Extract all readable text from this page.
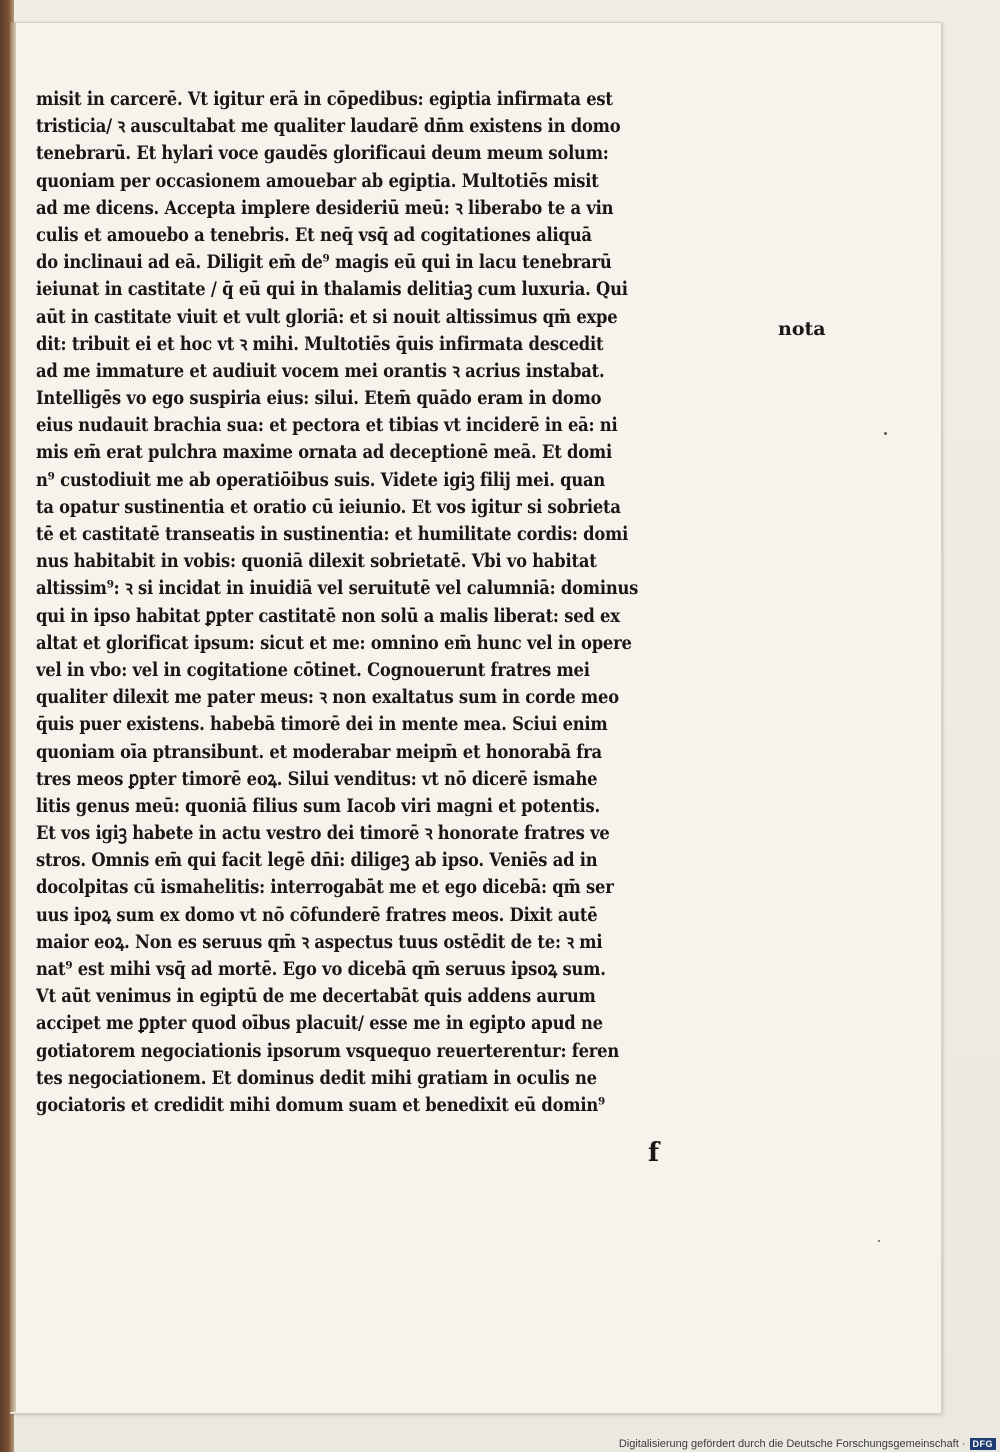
misit in carcerē. Vt igitur erā in cōpedibus: egiptia infirmata est
tristicia/ ꝛ auscultabat me qualiter laudarē dn̄m existens in domo
tenebrarū. Et hylari voce gaudēs glorificaui deum meum solum:
quoniam per occasionem amouebar ab egiptia. Multotiēs misit
ad me dicens. Accepta implere desideriū meū: ꝛ liberabo te a vin
culis et amouebo a tenebris. Et neq̄ vsq̄ ad cogitationes aliquā
do inclinaui ad eā. Diligit em̄ de⁹ magis eū qui in lacu tenebrarū
ieiunat in castitate / q̄ eū qui in thalamis delitiaꝫ cum luxuria. Qui
aūt in castitate viuit et vult gloriā: et si nouit altissimus qm̄ expe
dit: tribuit ei et hoc vt ꝛ mihi. Multotiēs q̄uis infirmata descedit
ad me immature et audiuit vocem mei orantis ꝛ acrius instabat.
Intelligēs vo ego suspiria eius: silui. Etem̄ quādo eram in domo
eius nudauit brachia sua: et pectora et tibias vt inciderē in eā: ni
mis em̄ erat pulchra maxime ornata ad deceptionē meā. Et domi
n⁹ custodiuit me ab operatiōibus suis. Videte igiꝫ filij mei. quan
ta opatur sustinentia et oratio cū ieiunio. Et vos igitur si sobrieta
tē et castitatē transeatis in sustinentia: et humilitate cordis: domi
nus habitabit in vobis: quoniā dilexit sobrietatē. Vbi vo habitat
altissim⁹: ꝛ si incidat in inuidiā vel seruitutē vel calumniā: dominus
qui in ipso habitat ꝑpter castitatē non solū a malis liberat: sed ex
altat et glorificat ipsum: sicut et me: omnino em̄ hunc vel in opere
vel in vbo: vel in cogitatione cōtinet. Cognouerunt fratres mei
qualiter dilexit me pater meus: ꝛ non exaltatus sum in corde meo
q̄uis puer existens. habebā timorē dei in mente mea. Sciui enim
quoniam oīa ptransibunt. et moderabar meipm̄ et honorabā fra
tres meos ꝑpter timorē eoꝝ. Silui venditus: vt nō dicerē ismahe
litis genus meū: quoniā filius sum Iacob viri magni et potentis.
Et vos igiꝫ habete in actu vestro dei timorē ꝛ honorate fratres ve
stros. Omnis em̄ qui facit legē dn̄i: diligeꝫ ab ipso. Veniēs ad in
docolpitas cū ismahelitis: interrogabāt me et ego dicebā: qm̄ ser
uus ipoꝝ sum ex domo vt nō cōfunderē fratres meos. Dixit autē
maior eoꝝ. Non es seruus qm̄ ꝛ aspectus tuus ostēdit de te: ꝛ mi
nat⁹ est mihi vsq̄ ad mortē. Ego vo dicebā qm̄ seruus ipsoꝝ sum.
Vt aūt venimus in egiptū de me decertabāt quis addens aurum
accipet me ꝑpter quod oībus placuit/ esse me in egipto apud ne
gotiatorem negociationis ipsorum vsquequo reuerterentur: feren
tes negociationem. Et dominus dedit mihi gratiam in oculis ne
gociatoris et credidit mihi domum suam et benedixit eū domin⁹
nota
f
Digitalisierung gefördert durch die Deutsche Forschungsgemeinschaft · DFG
